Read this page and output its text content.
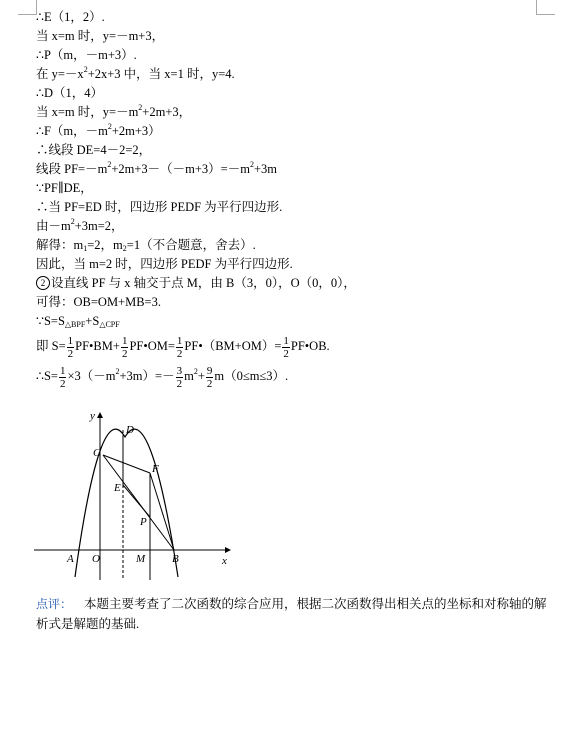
∴E（1，2）.
当 x=m 时，y=－m+3，
∴P（m，－m+3）.
在 $y=-x^2+2x+3$ 中，当 x=1 时，y=4.
∴D（1，4）
当 x=m 时，$y=-m^2+2m+3$，
∴F（m，$-m^2+2m+3$）
∴线段 DE=4－2=2，
线段 $PF=-m^2+2m+3-(-m+3)=-m^2+3m$
∵PF∥DE，
∴当 PF=ED 时，四边形 PEDF 为平行四边形.
由$-m^2+3m=2$，
解得：$m_1=2$，$m_2=1$（不合题意，舍去）.
因此，当 m=2 时，四边形 PEDF 为平行四边形.
2 设直线 PF 与 x 轴交于点 M，由 B（3，0），O（0，0），
可得：OB=OM+MB=3.
$\because S=S_{\triangle BPF}+S_{\triangle CPF}$
即 $S= \frac{1}{2}$ PF•BM+ $\frac{1}{2}$ PF•OM= $\frac{1}{2}$ PF•（BM+OM）= $\frac{1}{2}$ PF•OB.
∴S= $\frac{1}{2} \times 3(-m^2+3m)=- \frac{3}{2} m^2+ \frac{9}{2} m(0\le m\le 3)$.
y
x
D
C
F
E
P
A O	M B
点评： 本题主要考查了二次函数的综合应用，根据二次函数得出相关点的坐标和对称轴的解析式是解题的基础.
